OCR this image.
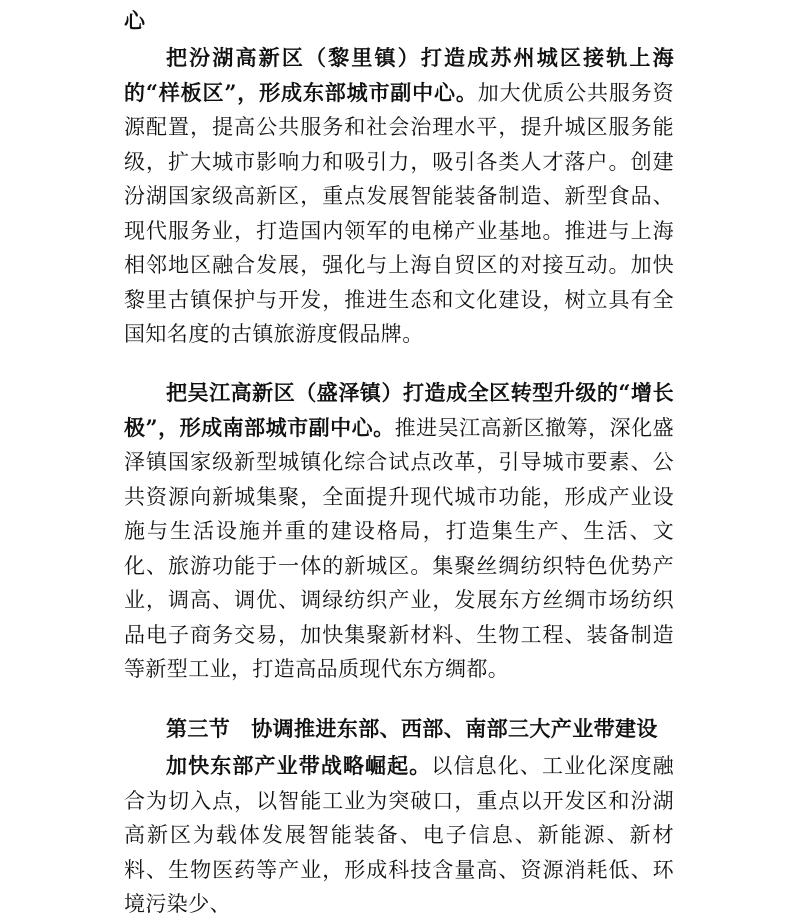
心
把汾湖高新区（黎里镇）打造成苏州城区接轨上海的“样板区”，形成东部城市副中心。加大优质公共服务资源配置，提高公共服务和社会治理水平，提升城区服务能级，扩大城市影响力和吸引力，吸引各类人才落户。创建汾湖国家级高新区，重点发展智能装备制造、新型食品、现代服务业，打造国内领军的电梯产业基地。推进与上海相邻地区融合发展，强化与上海自贸区的对接互动。加快黎里古镇保护与开发，推进生态和文化建设，树立具有全国知名度的古镇旅游度假品牌。
把吴江高新区（盛泽镇）打造成全区转型升级的“增长极”，形成南部城市副中心。推进吴江高新区撤筹，深化盛泽镇国家级新型城镇化综合试点改革，引导城市要素、公共资源向新城集聚，全面提升现代城市功能，形成产业设施与生活设施并重的建设格局，打造集生产、生活、文化、旅游功能于一体的新城区。集聚丝绸纺织特色优势产业，调高、调优、调绿纺织产业，发展东方丝绸市场纺织品电子商务交易，加快集聚新材料、生物工程、装备制造等新型工业，打造高品质现代东方绸都。
第三节 协调推进东部、西部、南部三大产业带建设
加快东部产业带战略崛起。以信息化、工业化深度融合为切入点，以智能工业为突破口，重点以开发区和汾湖高新区为载体发展智能装备、电子信息、新能源、新材料、生物医药等产业，形成科技含量高、资源消耗低、环境污染少、
